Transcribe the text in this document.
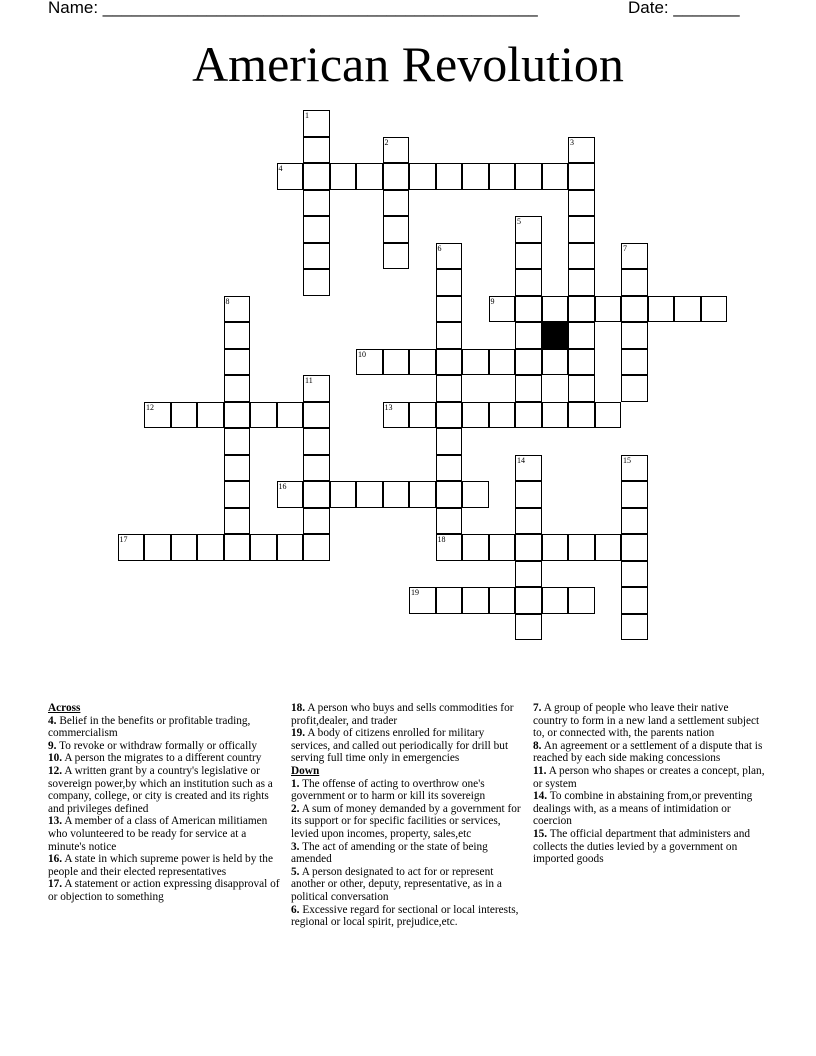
Name: ______________________________________________	Date: _______
American Revolution
1
2	3
4
5
6	7
8	9
10
11
12	13
14	15
16
17	18
19

Across

4. Belief in the benefits or profitable trading, commercialism

9. To revoke or withdraw formally or offically

10. A person the migrates to a different country

12. A written grant by a country's legislative or sovereign power,by which an institution such as a company, college, or city is created and its rights and privileges defined

13. A member of a class of American militiamen who volunteered to be ready for service at a minute's notice

16. A state in which supreme power is held by the people and their elected representatives

17. A statement or action expressing disapproval of or objection to something

18. A person who buys and sells commodities for profit,dealer, and trader

19. A body of citizens enrolled for military services, and called out periodically for drill but serving full time only in emergencies

Down

1. The offense of acting to overthrow one's government or to harm or kill its sovereign

2. A sum of money demanded by a government for its support or for specific facilities or services, levied upon incomes, property, sales,etc

3. The act of amending or the state of being amended

5. A person designated to act for or represent another or other, deputy, representative, as in a political conversation

6. Excessive regard for sectional or local interests, regional or local spirit, prejudice,etc.

7. A group of people who leave their native country to form in a new land a settlement subject to, or connected with, the parents nation

8. An agreement or a settlement of a dispute that is reached by each side making concessions

11. A person who shapes or creates a concept, plan, or system

14. To combine in abstaining from,or preventing dealings with, as a means of intimidation or coercion

15. The official department that administers and collects the duties levied by a government on imported goods
